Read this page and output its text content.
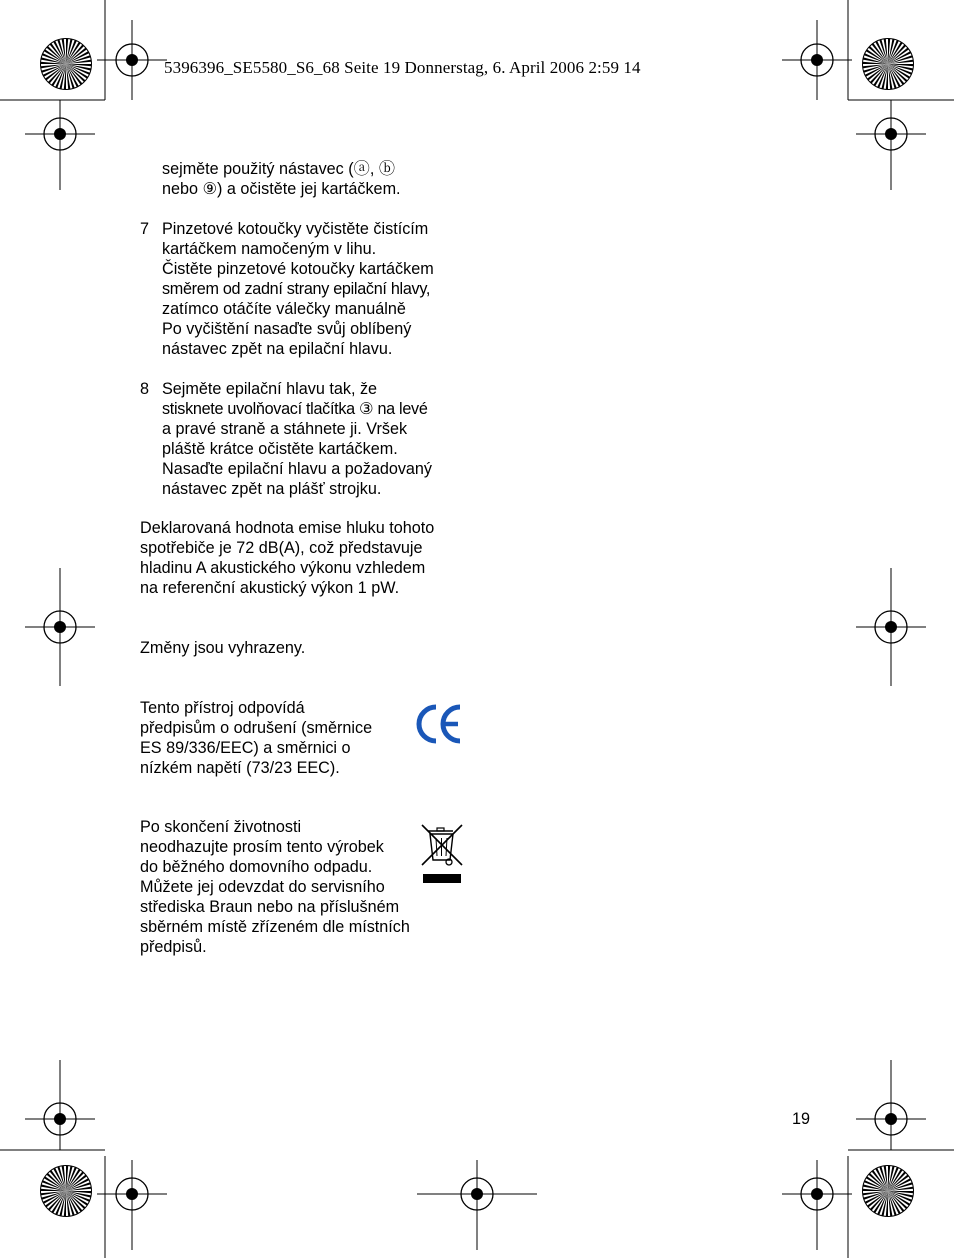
5396396_SE5580_S6_68 Seite 19 Donnerstag, 6. April 2006 2:59 14
sejměte použitý nástavec (ⓐ, ⓑ
nebo ⑨) a očistěte jej kartáčkem.
7 Pinzetové kotoučky vyčistěte čistícím
kartáčkem namočeným v lihu.
Čistěte pinzetové kotoučky kartáčkem
směrem od zadní strany epilační hlavy,
zatímco otáčíte válečky manuálně
Po vyčištění nasaďte svůj oblíbený
nástavec zpět na epilační hlavu.
8 Sejměte epilační hlavu tak, že
stisknete uvolňovací tlačítka ③ na levé
a pravé straně a stáhnete ji. Vršek
pláště krátce očistěte kartáčkem.
Nasaďte epilační hlavu a požadovaný
nástavec zpět na plášť strojku.
Deklarovaná hodnota emise hluku tohoto
spotřebiče je 72 dB(A), což představuje
hladinu A akustického výkonu vzhledem
na referenční akustický výkon 1 pW.
Změny jsou vyhrazeny.
Tento přístroj odpovídá
předpisům o odrušení (směrnice
ES 89/336/EEC) a směrnici o
nízkém napětí (73/23 EEC).
Po skončení životnosti
neodhazujte prosím tento výrobek
do běžného domovního odpadu.
Můžete jej odevzdat do servisního
střediska Braun nebo na příslušném
sběrném místě zřízeném dle místních
předpisů.
19
